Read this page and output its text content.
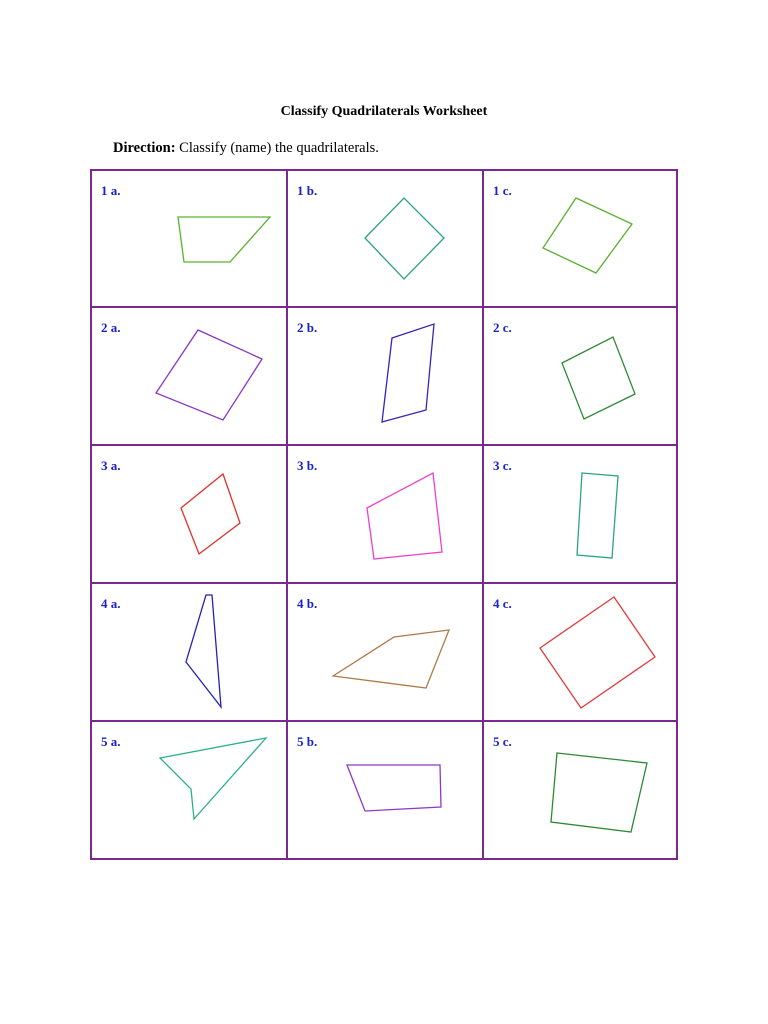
Classify Quadrilaterals Worksheet
Direction: Classify (name) the quadrilaterals.
1 a.	1 b.	1 c.
2 a.	2 b.	2 c.
3 a.	3 b.	3 c.
4 a.	4 b.	4 c.
5 a.	5 b.	5 c.
